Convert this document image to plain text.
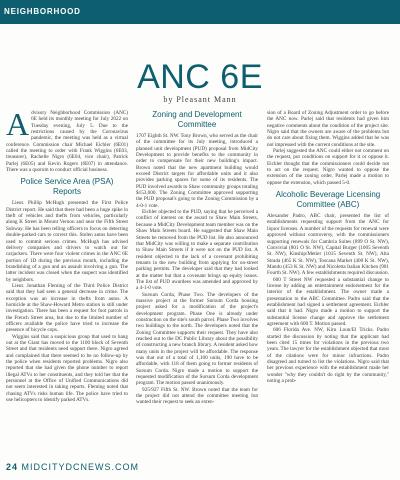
NEIGHBORHOOD
ANC 6E
by Pleasant Mann

Advisory Neighborhood Commission (ANC) 6E held its monthly meeting for July 2022 on Tuesday evening, July 5. Due to the restrictions caused by the Coronavirus pandemic, the meeting was held as a virtual conference. Commission chair Michael Eichler (6E01) called the meeting to order with Frank Wiggins (6E03, treasurer), Rachelle Nigro (6E04, vice chair), Patrick Parlej (6E05) and Kevin Rogers (6E07) in attendance. There was a quorum to conduct official business.

Police Service Area (PSA) Reports

Lieut. Phillip McHugh presented the First Police District report. He said that there had been a huge spike in theft of vehicles and thefts from vehicles, particularly along K Street in Mount Vernon and near the Fifth Street Subway. He has been telling officers to focus on detecting double-parked cars to correct this. Stolen autos have been used to commit serious crimes. McHugh has advised delivery companies and drivers to watch out for carjackers. There were four violent crimes in the ANC 6E portion of 1D during the previous month, including the brandishing of a gun and an assault involving a gun. The latter incident was closed when the suspect was identified by neighbors.

Lieut. Jonathan Fleming of the Third Police District said that they had seen a general decrease in crime. The exception was an increase in thefts from autos. A homicide at the Shaw-Howard Metro station is still under investigation. There has been a request for foot patrols in the French Street area, but due to the limited number of officers available the police have tried to increase the presence of bicycle cops.

Wiggins said that a suspicious group that used to hang out at the Giant has moved to the 1100 block of Seventh Street and that residents need support there. Nigro agreed and complained that there seemed to be no follow-up by the police when residents reported problems. Nigro also reported that she had given the phone number to report illegal ATVs to her constituents, and they told her that the personnel at the Office of Unified Communications did not seem interested in taking reports. Fleming noted that chasing ATVs risks human life. The police have tried to use helicopters to identify parked ATVs.

Zoning and Development Committee

1707 Eighth St. NW. Tony Brown, who served as the chair of the committee for its July meeting, introduced a planned unit development (PUD) proposal from MidCity Development to provide benefits to the community in order to compensate for their new building's impact. Brown noted that the new apartment building would exceed District targets for affordable units and it also provides parking spaces for some of its residents. The PUD involved awards to Shaw community groups totaling $153,000. The Zoning Committee approved supporting the PUD proposal's going to the Zoning Commission by a 4-0-1 vote.

Eichler objected to the PUD, saying that he perceived a conflict of interest on the award to Shaw Main Streets, because a MidCity Development team member was on the Shaw Main Streets board. He suggested that Shaw Main Streets be removed from the PUD list. He also announced that MidCity was willing to make a separate contribution to Shaw Main Streets if it were not on the PUD list. A resident objected to the lack of a covenant prohibiting tenants in the new building from applying for on-street parking permits. The developer said that they had looked at the matter but that a covenant brings up equity issues. The list of PUD awardees was amended and approved by a 4-1-0 vote.

Sursum Corda, Phase Two. The developers of the massive project at the former Sursum Corda housing project asked for a modification of the project's development program. Phase One is already under construction on the site's south parcel. Phase Two involves two buildings to the north. The developers noted that the Zoning Committee supports their request. They have also reached out to the DC Public Library about the possibility of constructing a new branch library. A resident asked how many units in the project will be affordable. The response was that out of a total of 1,100 units, 190 have to be affordable, with 118 of them going to former residents of Sursum Corda. Nigro made a motion to support the requested modification of the Sursum Corda development program. The motion passed unanimously.

925/927 Fifth St. NW. Brown noted that the team for the project did not attend the committee meeting but wanted their request to seek an exten-

sion of a Board of Zoning Adjustment order to go before the ANC now. Parlej said that residents had given him negative comments about the condition of the project site. Nigro said that the owners are aware of the problems but do not care about fixing them. Wiggins added that he was not impressed with the current conditions at the site.

Parlej suggested the ANC could either not comment on the request, put conditions on support for it or oppose it. Eichler thought that the commissioners could decide not to act on the request. Nigro wanted to oppose the extension of the zoning order. Parlej made a motion to oppose the extension, which passed 5-0.

Alcoholic Beverage Licensing Committee (ABC)

Alexander Padro, ABC chair, presented the list of establishments requesting support from the ANC for liquor licenses. A number of the requests for renewal were approved without controversy, with the commissioners supporting renewals for Cambria Suites (899 O St. NW), Convivial (801 O St. NW), Capital Burger (1005 Seventh St. NW), Kinship/Metier (1015 Seventh St. NW), Alta Strada (465 K St. NW), Toscana Market (400 K St. NW), Mandu (453 K St. NW) and Nicoletta Italian Kitchen (901 Fourth St. NW). A few establishments required discussion.

600 T Street NW requested a substantial change to license by adding an entertainment endorsement for the interior of the establishment. The owner made a presentation to the ABC Committee. Padro said that the establishment had signed a settlement agreement. Eichler said that it had. Nigro made a motion to support the substantial license change and approve the settlement agreement with 600 T. Motion passed.

606 Florida Ave. NW, Kiru Loun/El Tricks. Padro started the discussion by noting that the applicant had been cited 15 times for violations in the previous two years. The lawyer for the establishment objected that most of the citations were for minor infractions. Padro disagreed and turned to list the violations. Nigro said that her previous experience with the establishment made her wonder "why they couldn't do right by the community," noting a prob-

24 MIDCITYDCNEWS.COM
